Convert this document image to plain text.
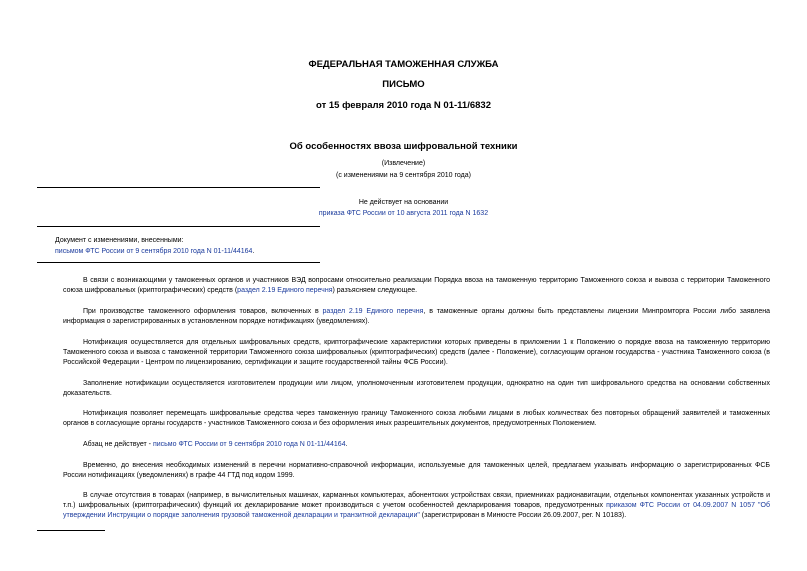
ФЕДЕРАЛЬНАЯ ТАМОЖЕННАЯ СЛУЖБА
ПИСЬМО
от 15 февраля 2010 года N 01-11/6832
Об особенностях ввоза шифровальной техники
(Извлечение)
(с изменениями на 9 сентября 2010 года)
Не действует на основании
приказа ФТС России от 10 августа 2011 года N 1632
Документ с изменениями, внесенными:
письмом ФТС России от 9 сентября 2010 года N 01-11/44164.

В связи с возникающими у таможенных органов и участников ВЭД вопросами относительно реализации Порядка ввоза на таможенную территорию Таможенного союза и вывоза с территории Таможенного союза шифровальных (криптографических) средств (раздел 2.19 Единого перечня) разъясняем следующее.

При производстве таможенного оформления товаров, включенных в раздел 2.19 Единого перечня, в таможенные органы должны быть представлены лицензии Минпромторга России либо заявлена информация о зарегистрированных в установленном порядке нотификациях (уведомлениях).

Нотификация осуществляется для отдельных шифровальных средств, криптографические характеристики которых приведены в приложении 1 к Положению о порядке ввоза на таможенную территорию Таможенного союза и вывоза с таможенной территории Таможенного союза шифровальных (криптографических) средств (далее - Положение), согласующим органом государства - участника Таможенного союза (в Российской Федерации - Центром по лицензированию, сертификации и защите государственной тайны ФСБ России).

Заполнение нотификации осуществляется изготовителем продукции или лицом, уполномоченным изготовителем продукции, однократно на один тип шифровального средства на основании собственных доказательств.

Нотификация позволяет перемещать шифровальные средства через таможенную границу Таможенного союза любыми лицами в любых количествах без повторных обращений заявителей и таможенных органов в согласующие органы государств - участников Таможенного союза и без оформления иных разрешительных документов, предусмотренных Положением.

Абзац не действует - письмо ФТС России от 9 сентября 2010 года N 01-11/44164.

Временно, до внесения необходимых изменений в перечни нормативно-справочной информации, используемые для таможенных целей, предлагаем указывать информацию о зарегистрированных ФСБ России нотификациях (уведомлениях) в графе 44 ГТД под кодом 1999.

В случае отсутствия в товарах (например, в вычислительных машинах, карманных компьютерах, абонентских устройствах связи, приемниках радионавигации, отдельных компонентах указанных устройств и т.п.) шифровальных (криптографических) функций их декларирование может производиться с учетом особенностей декларирования товаров, предусмотренных приказом ФТС России от 04.09.2007 N 1057 "Об утверждении Инструкции о порядке заполнения грузовой таможенной декларации и транзитной декларации" (зарегистрирован в Минюсте России 26.09.2007, рег. N 10183).
